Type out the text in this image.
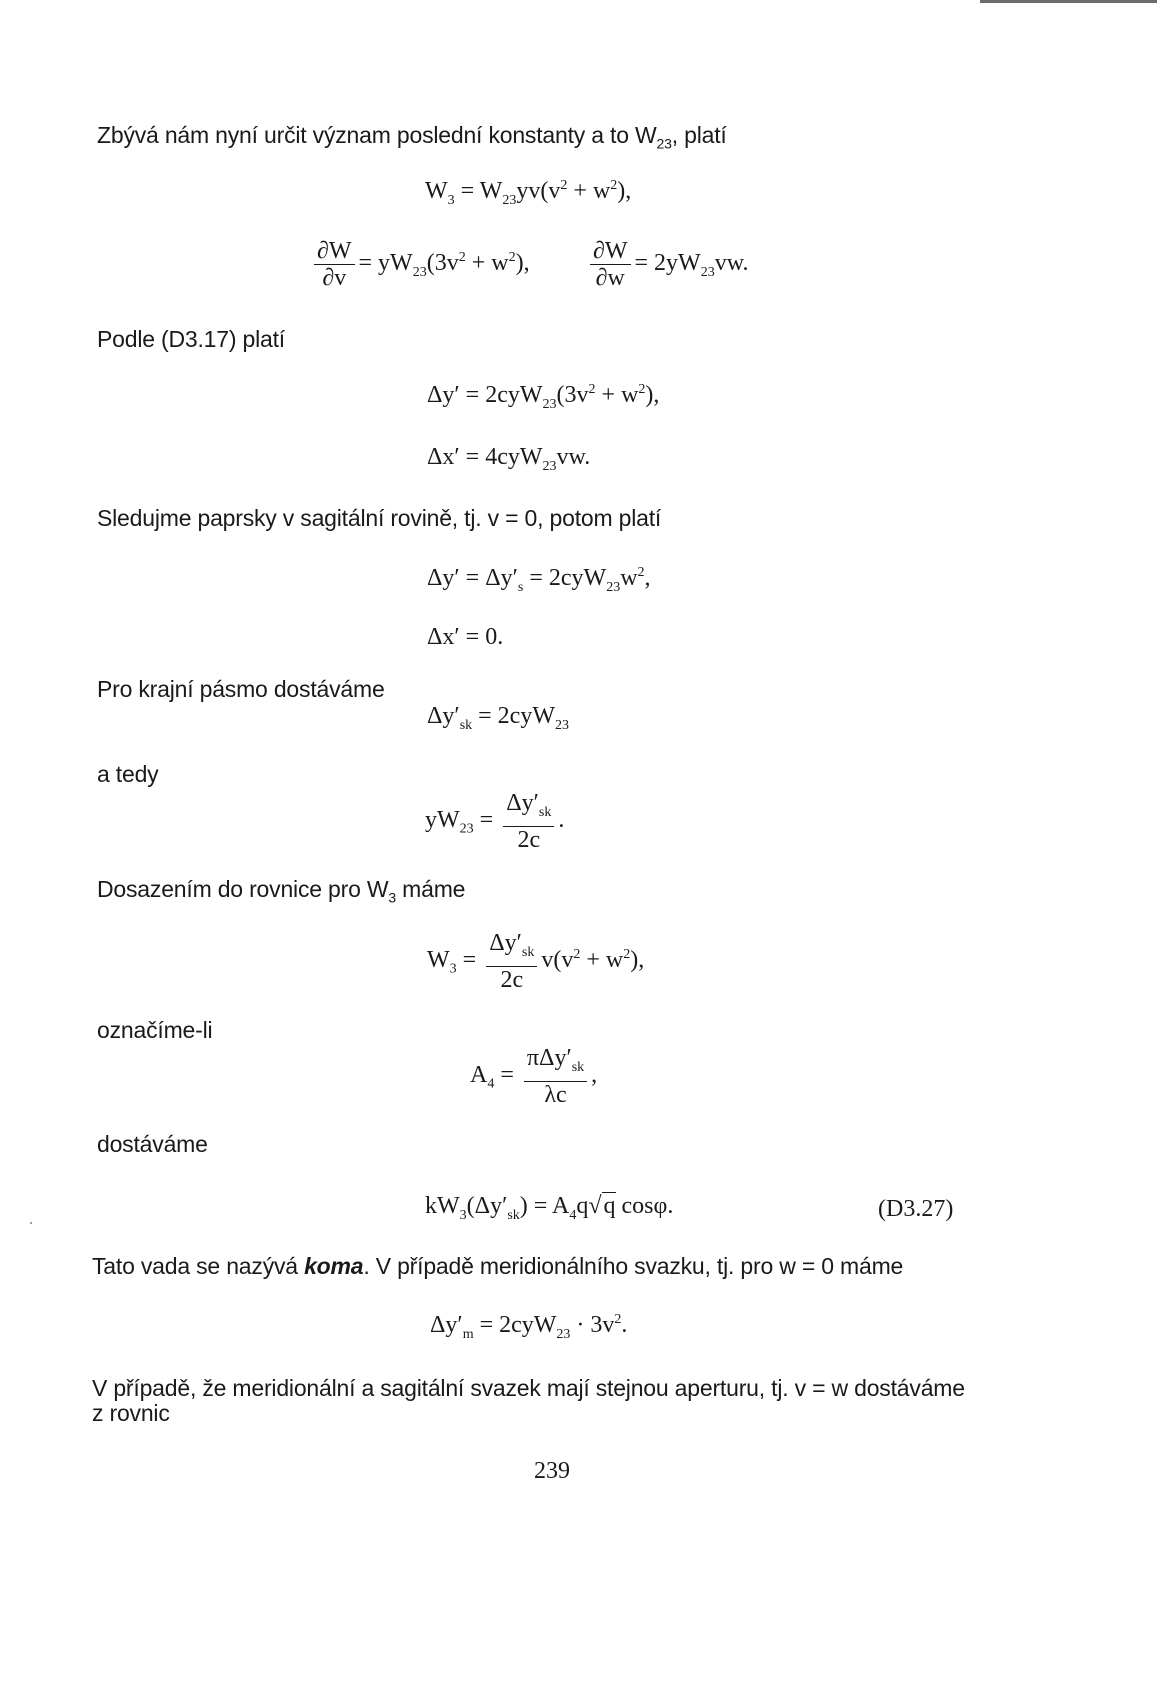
Zbývá nám nyní určit význam poslední konstanty a to $W_{23}$, platí
$W_3 = W_{23}yv(v^2 + w^2)$,
$\frac{\partial W}{\partial v} = yW_{23}(3v^2 + w^2)$,	$\frac{\partial W}{\partial w} = 2yW_{23}vw$.
Podle (D3.17) platí
$\Delta y' = 2cyW_{23}(3v^2 + w^2)$,
Δx′ = 4cyW$_{23}$vw.
Sledujme paprsky v sagitální rovině, tj. v = 0, potom platí
$\Delta y' = \Delta y'_s = 2cyW_{23}w^2$,
Δx′ = 0.
Pro krajní pásmo dostáváme
$\Delta y'_{sk} = 2cyW_{23}$
a tedy
$yW_{23} = \frac{\Delta y'_{sk}}{2c}$ .
Dosazením do rovnice pro $W_3$ máme
$W_3 = \frac{\Delta y'_{sk}}{2c} v(v^2 + w^2)$,
označíme-li
$A_4 = \frac{\pi\Delta y'_{sk}}{\lambda c}$ ,
dostáváme
$kW_3(\Delta y'_{sk}) = A_4q√q$ cosφ.	(D3.27)
Tato vada se nazývá koma. V případě meridionálního svazku, tj. pro w = 0 máme
$\Delta y'_m = 2cyW_{23} \cdot 3v^2$.
V případě, že meridionální a sagitální svazek mají stejnou aperturu, tj. v = w dostáváme
z rovnic
239
